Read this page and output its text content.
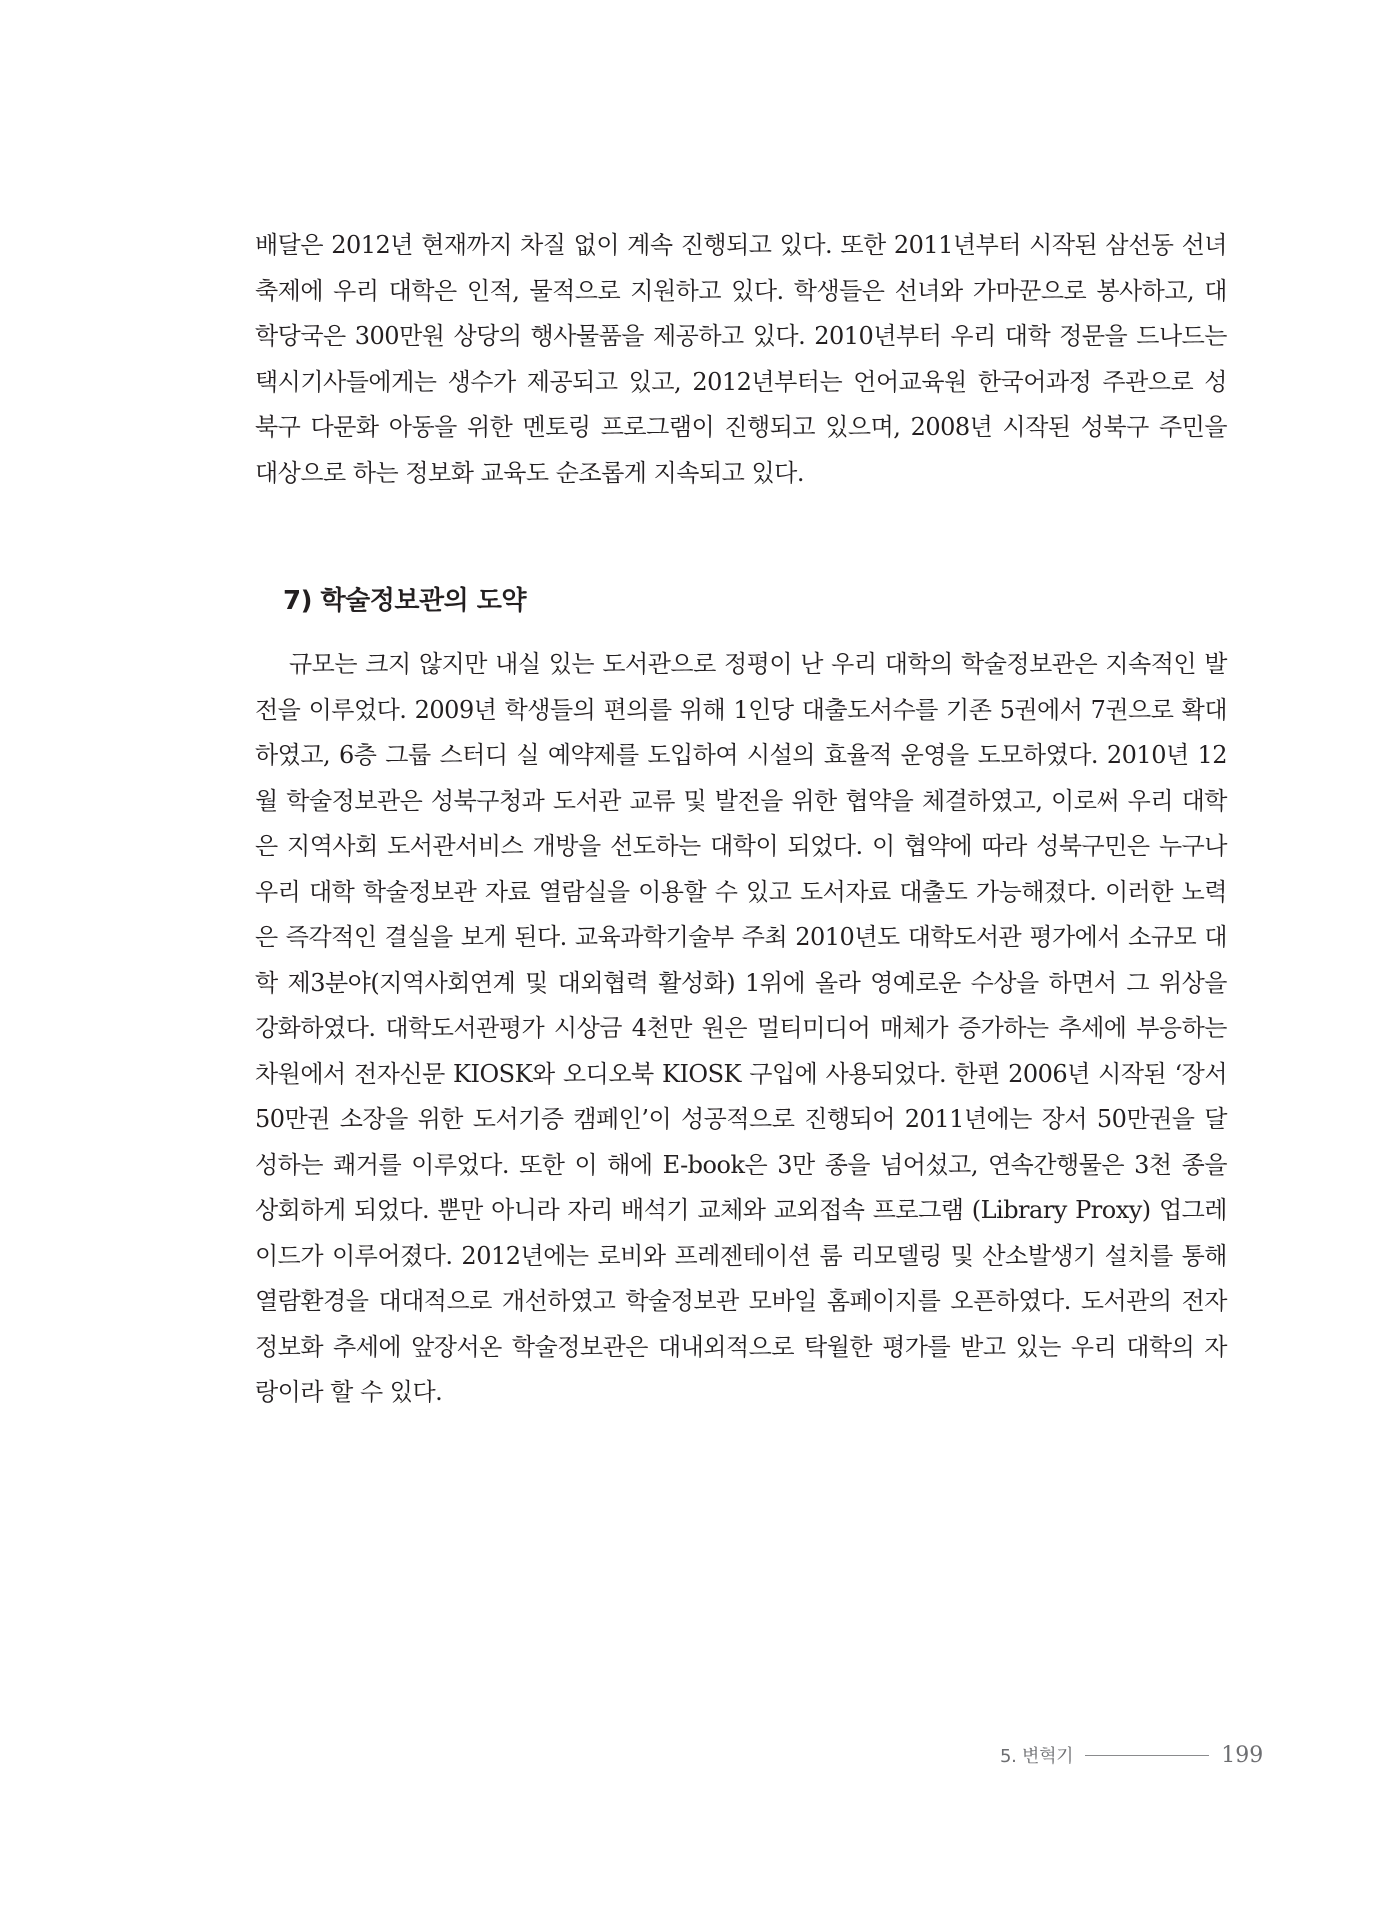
배달은 2012년 현재까지 차질 없이 계속 진행되고 있다. 또한 2011년부터 시작된 삼선동 선녀
축제에 우리 대학은 인적, 물적으로 지원하고 있다. 학생들은 선녀와 가마꾼으로 봉사하고, 대
학당국은 300만원 상당의 행사물품을 제공하고 있다. 2010년부터 우리 대학 정문을 드나드는
택시기사들에게는 생수가 제공되고 있고, 2012년부터는 언어교육원 한국어과정 주관으로 성
북구 다문화 아동을 위한 멘토링 프로그램이 진행되고 있으며, 2008년 시작된 성북구 주민을
대상으로 하는 정보화 교육도 순조롭게 지속되고 있다.

7) 학술정보관의 도약

규모는 크지 않지만 내실 있는 도서관으로 정평이 난 우리 대학의 학술정보관은 지속적인 발
전을 이루었다. 2009년 학생들의 편의를 위해 1인당 대출도서수를 기존 5권에서 7권으로 확대
하였고, 6층 그룹 스터디 실 예약제를 도입하여 시설의 효율적 운영을 도모하였다. 2010년 12
월 학술정보관은 성북구청과 도서관 교류 및 발전을 위한 협약을 체결하였고, 이로써 우리 대학
은 지역사회 도서관서비스 개방을 선도하는 대학이 되었다. 이 협약에 따라 성북구민은 누구나
우리 대학 학술정보관 자료 열람실을 이용할 수 있고 도서자료 대출도 가능해졌다. 이러한 노력
은 즉각적인 결실을 보게 된다. 교육과학기술부 주최 2010년도 대학도서관 평가에서 소규모 대
학 제3분야(지역사회연계 및 대외협력 활성화) 1위에 올라 영예로운 수상을 하면서 그 위상을
강화하였다. 대학도서관평가 시상금 4천만 원은 멀티미디어 매체가 증가하는 추세에 부응하는
차원에서 전자신문 KIOSK와 오디오북 KIOSK 구입에 사용되었다. 한편 2006년 시작된 ‘장서
50만권 소장을 위한 도서기증 캠페인’이 성공적으로 진행되어 2011년에는 장서 50만권을 달
성하는 쾌거를 이루었다. 또한 이 해에 E-book은 3만 종을 넘어섰고, 연속간행물은 3천 종을
상회하게 되었다. 뿐만 아니라 자리 배석기 교체와 교외접속 프로그램 (Library Proxy) 업그레
이드가 이루어졌다. 2012년에는 로비와 프레젠테이션 룸 리모델링 및 산소발생기 설치를 통해
열람환경을 대대적으로 개선하였고 학술정보관 모바일 홈페이지를 오픈하였다. 도서관의 전자
정보화 추세에 앞장서온 학술정보관은 대내외적으로 탁월한 평가를 받고 있는 우리 대학의 자
랑이라 할 수 있다.

5. 변혁기	199
